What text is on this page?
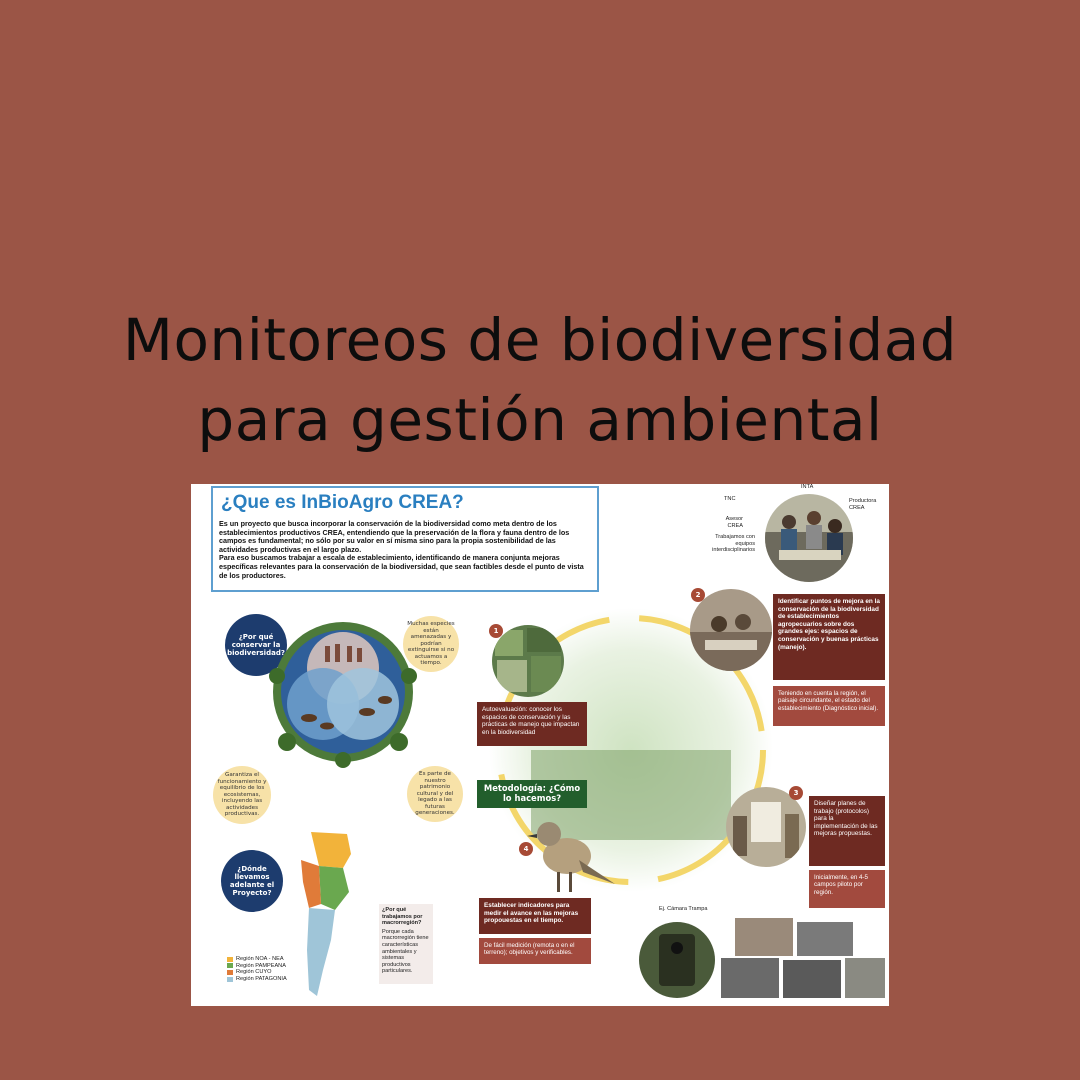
Monitoreos de biodiversidad
para gestión ambiental
¿Que es InBioAgro CREA?
Es un proyecto que busca incorporar la conservación de la biodiversidad como meta dentro de los establecimientos productivos CREA, entendiendo que la preservación de la flora y fauna dentro de los campos es fundamental; no sólo por su valor en sí misma sino para la propia sostenibilidad de las actividades productivas en el largo plazo.
Para eso buscamos trabajar a escala de establecimiento, identificando de manera conjunta mejoras específicas relevantes para la conservación de la biodiversidad, que sean factibles desde el punto de vista de los productores.
INTA
TNC	Productora CREA
Asesor CREA
Trabajamos con equipos interdisciplinarios
¿Por qué conservar la biodiversidad?
Muchas especies están amenazadas y podrían extinguirse si no actuamos a tiempo.
Garantiza el funcionamiento y equilibrio de los ecosistemas, incluyendo las actividades productivas.
Es parte de nuestro patrimonio cultural y del legado a las futuras generaciones.
¿Dónde llevamos adelante el Proyecto?
¿Por qué trabajamos por macrorregión?
Porque cada macrorregión tiene características ambientales y sistemas productivos particulares.
Región NOA - NEA
Región PAMPEANA
Región CUYO
Región PATAGONIA
1
Autoevaluación: conocer los espacios de conservación y las prácticas de manejo que impactan en la biodiversidad
2
Identificar puntos de mejora en la conservación de la biodiversidad de establecimientos agropecuarios sobre dos grandes ejes: espacios de conservación y buenas prácticas (manejo).
Teniendo en cuenta la región, el paisaje circundante, el estado del establecimiento (Diagnóstico inicial).
3
Diseñar planes de trabajo (protocolos) para la implementación de las mejoras propuestas.
Inicialmente, en 4-5 campos piloto por región.
Metodología: ¿Cómo lo hacemos?
4
Establecer indicadores para medir el avance en las mejoras propouestas en el tiempo.
De fácil medición (remota o en el terreno); objetivos y verificables.
Ej. Cámara Trampa
